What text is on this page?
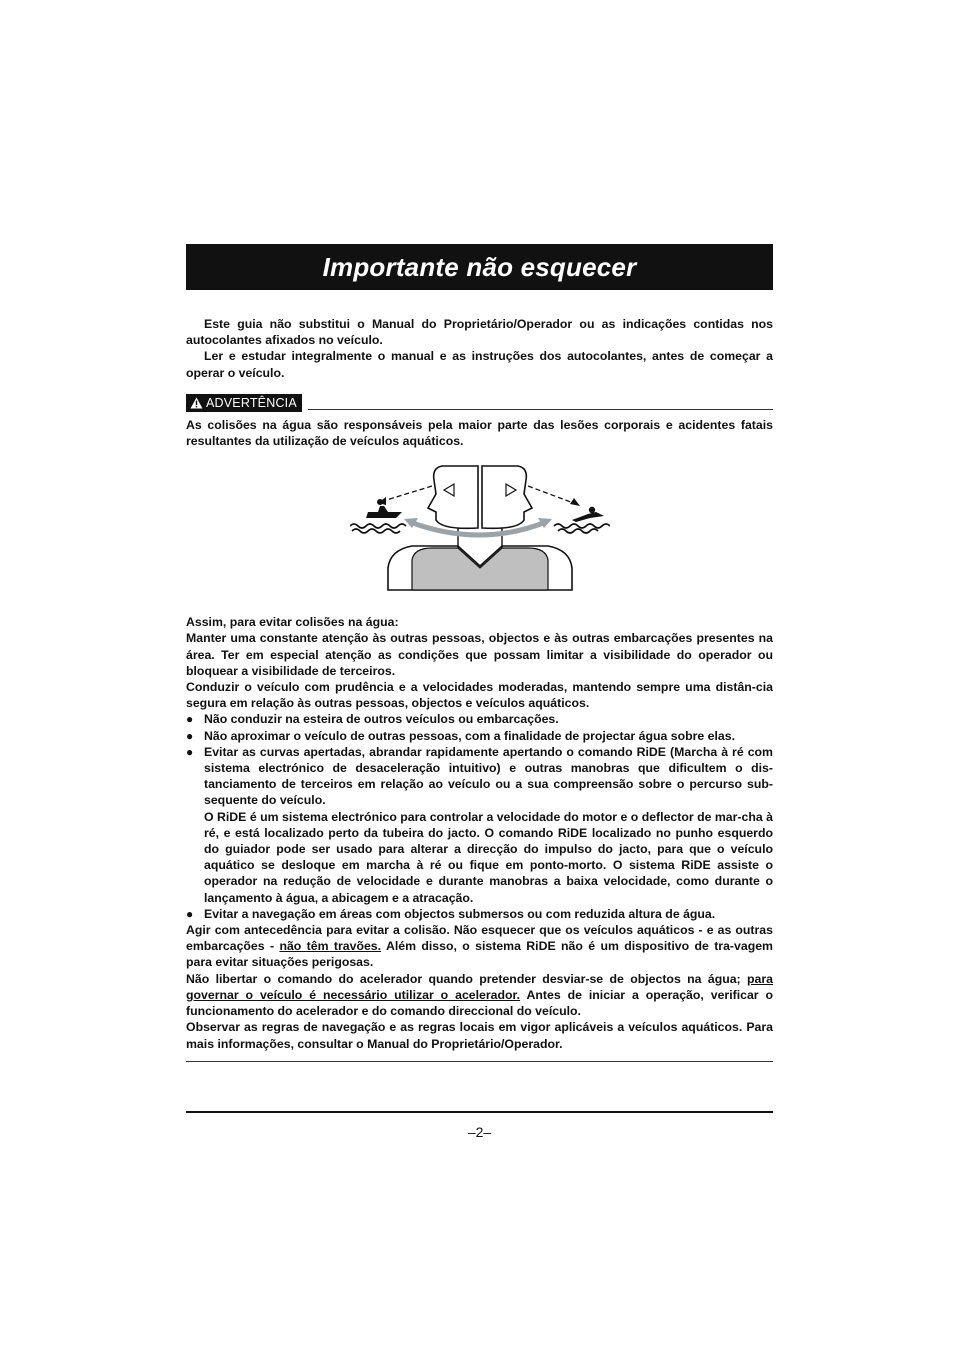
Importante não esquecer

Este guia não substitui o Manual do Proprietário/Operador ou as indicações contidas nos autocolantes afixados no veículo.

Ler e estudar integralmente o manual e as instruções dos autocolantes, antes de começar a operar o veículo.

ADVERTÊNCIA

As colisões na água são responsáveis pela maior parte das lesões corporais e acidentes fatais resultantes da utilização de veículos aquáticos.

Assim, para evitar colisões na água:

Manter uma constante atenção às outras pessoas, objectos e às outras embarcações presentes na área. Ter em especial atenção as condições que possam limitar a visibilidade do operador ou bloquear a visibilidade de terceiros.

Conduzir o veículo com prudência e a velocidades moderadas, mantendo sempre uma distân-cia segura em relação às outras pessoas, objectos e veículos aquáticos.

● Não conduzir na esteira de outros veículos ou embarcações.
● Não aproximar o veículo de outras pessoas, com a finalidade de projectar água sobre elas.
● Evitar as curvas apertadas, abrandar rapidamente apertando o comando RiDE (Marcha à ré com sistema electrónico de desaceleração intuitivo) e outras manobras que dificultem o dis-tanciamento de terceiros em relação ao veículo ou a sua compreensão sobre o percurso sub-sequente do veículo.

O RiDE é um sistema electrónico para controlar a velocidade do motor e o deflector de mar-cha à ré, e está localizado perto da tubeira do jacto. O comando RiDE localizado no punho esquerdo do guiador pode ser usado para alterar a direcção do impulso do jacto, para que o veículo aquático se desloque em marcha à ré ou fique em ponto-morto. O sistema RiDE assiste o operador na redução de velocidade e durante manobras a baixa velocidade, como durante o lançamento à água, a abicagem e a atracação.

● Evitar a navegação em áreas com objectos submersos ou com reduzida altura de água.

Agir com antecedência para evitar a colisão. Não esquecer que os veículos aquáticos - e as outras embarcações - não têm travões. Além disso, o sistema RiDE não é um dispositivo de tra-vagem para evitar situações perigosas.

Não libertar o comando do acelerador quando pretender desviar-se de objectos na água; para governar o veículo é necessário utilizar o acelerador. Antes de iniciar a operação, verificar o funcionamento do acelerador e do comando direccional do veículo.

Observar as regras de navegação e as regras locais em vigor aplicáveis a veículos aquáticos. Para mais informações, consultar o Manual do Proprietário/Operador.

–2–
